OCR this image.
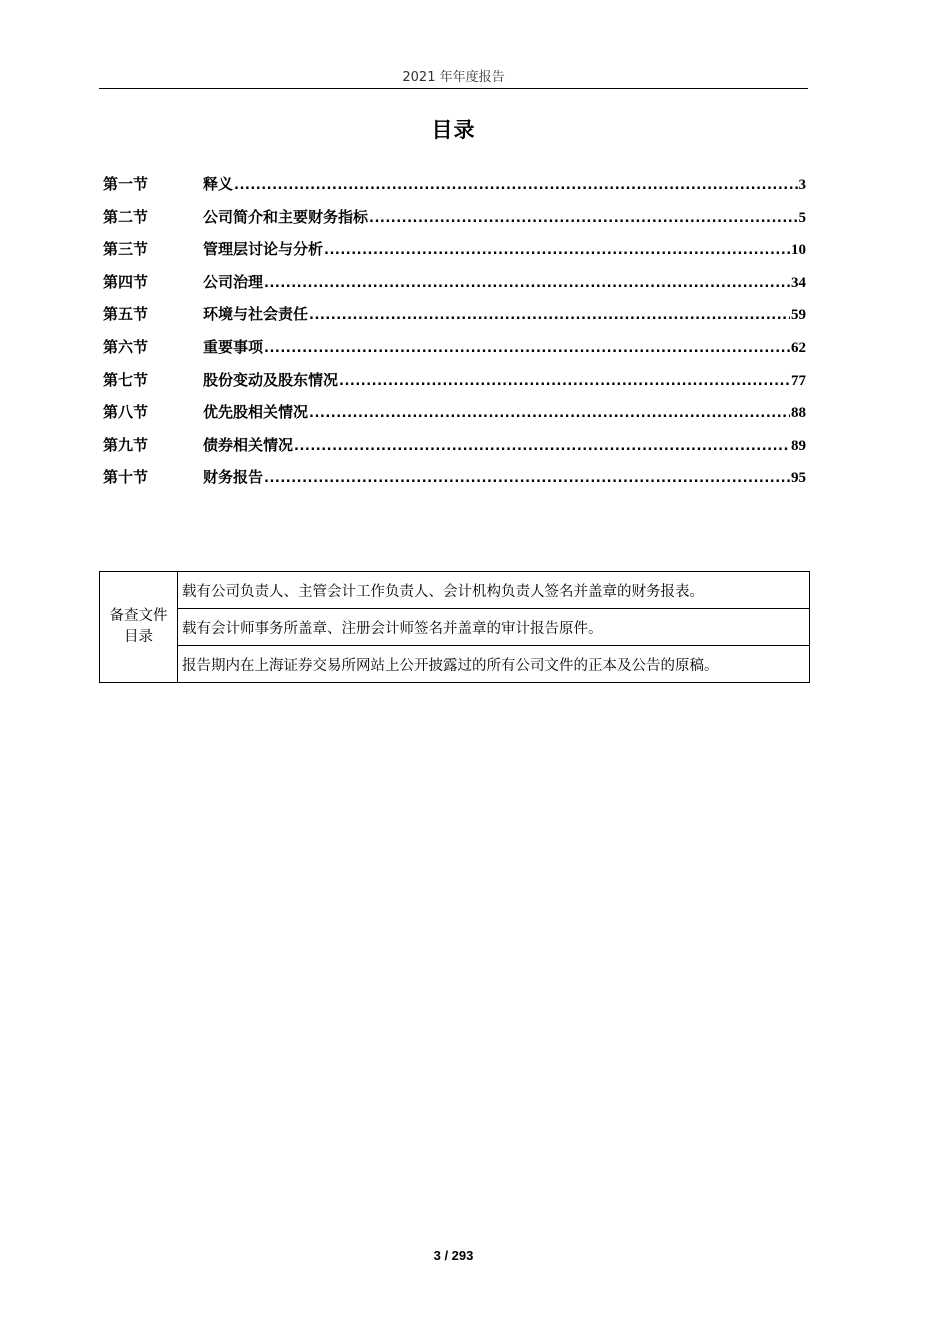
2021 年年度报告
目录
第一节	释义 .....	3
第二节	公司简介和主要财务指标 .....	5
第三节	管理层讨论与分析 .....	10
第四节	公司治理 .....	34
第五节	环境与社会责任 .....	59
第六节	重要事项 .....	62
第七节	股份变动及股东情况 .....	77
第八节	优先股相关情况 .....	88
第九节	债券相关情况 .....	89
第十节	财务报告 .....	95
备查文件
目录
	载有公司负责人、主管会计工作负责人、会计机构负责人签名并盖章的财务报表。
载有会计师事务所盖章、注册会计师签名并盖章的审计报告原件。
报告期内在上海证券交易所网站上公开披露过的所有公司文件的正本及公告的原稿。
3 / 293
